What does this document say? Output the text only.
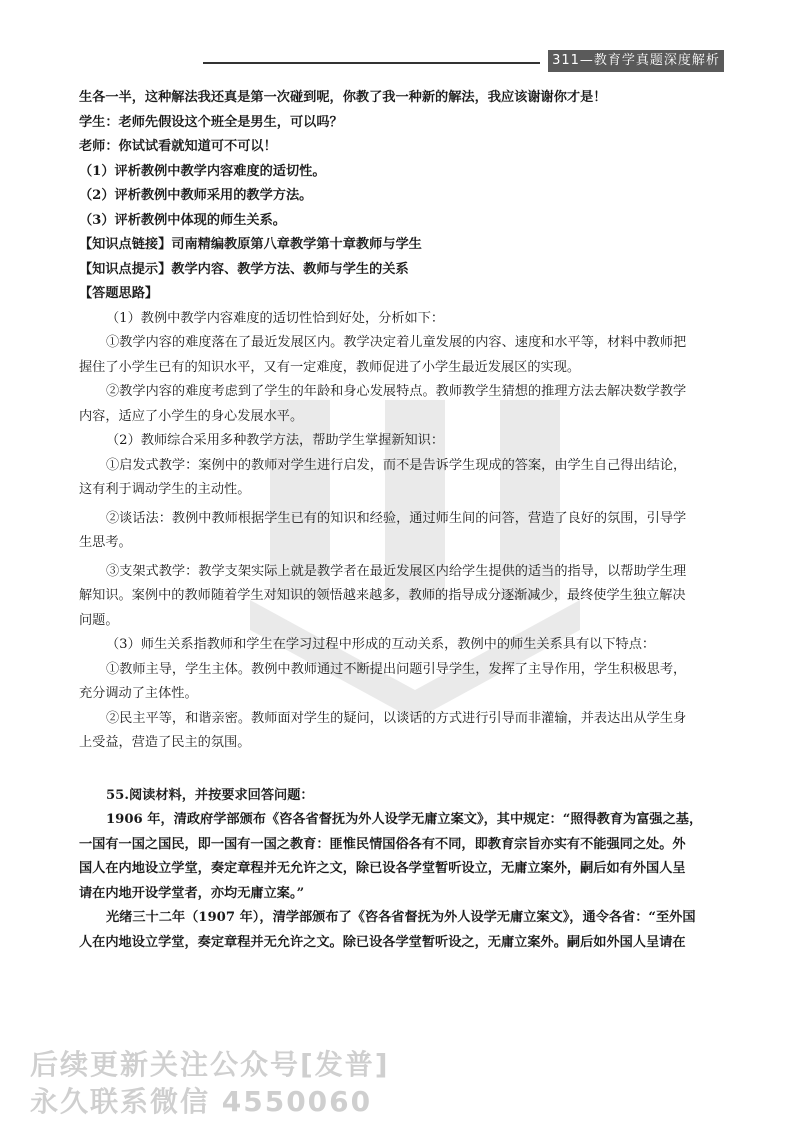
311—教育学真题深度解析
生各一半，这种解法我还真是第一次碰到呢，你教了我一种新的解法，我应该谢谢你才是！
学生：老师先假设这个班全是男生，可以吗？
老师：你试试看就知道可不可以！
（1）评析教例中教学内容难度的适切性。
（2）评析教例中教师采用的教学方法。
（3）评析教例中体现的师生关系。
【知识点链接】司南精编教原第八章教学第十章教师与学生
【知识点提示】教学内容、教学方法、教师与学生的关系
【答题思路】
（1）教例中教学内容难度的适切性恰到好处，分析如下：
①教学内容的难度落在了最近发展区内。教学决定着儿童发展的内容、速度和水平等，材料中教师把
握住了小学生已有的知识水平，又有一定难度，教师促进了小学生最近发展区的实现。
②教学内容的难度考虑到了学生的年龄和身心发展特点。教师教学生猜想的推理方法去解决数学教学
内容，适应了小学生的身心发展水平。
（2）教师综合采用多种教学方法，帮助学生掌握新知识：
①启发式教学：案例中的教师对学生进行启发，而不是告诉学生现成的答案，由学生自己得出结论，
这有利于调动学生的主动性。
②谈话法：教例中教师根据学生已有的知识和经验，通过师生间的问答，营造了良好的氛围，引导学
生思考。
③支架式教学：教学支架实际上就是教学者在最近发展区内给学生提供的适当的指导，以帮助学生理
解知识。案例中的教师随着学生对知识的领悟越来越多，教师的指导成分逐渐减少，最终使学生独立解决
问题。
（3）师生关系指教师和学生在学习过程中形成的互动关系，教例中的师生关系具有以下特点：
①教师主导，学生主体。教例中教师通过不断提出问题引导学生，发挥了主导作用，学生积极思考，
充分调动了主体性。
②民主平等，和谐亲密。教师面对学生的疑问，以谈话的方式进行引导而非灌输，并表达出从学生身
上受益，营造了民主的氛围。
55.阅读材料，并按要求回答问题：
1906 年，清政府学部颁布《咨各省督抚为外人设学无庸立案文》，其中规定：“照得教育为富强之基，
一国有一国之国民，即一国有一国之教育：匪惟民情国俗各有不同，即教育宗旨亦实有不能强同之处。外
国人在内地设立学堂，奏定章程并无允许之文，除已设各学堂暂听设立，无庸立案外，嗣后如有外国人呈
请在内地开设学堂者，亦均无庸立案。”
光绪三十二年（1907 年），清学部颁布了《咨各省督抚为外人设学无庸立案文》，通令各省：“至外国
人在内地设立学堂，奏定章程并无允许之文。除已设各学堂暂听设之，无庸立案外。嗣后如外国人呈请在
后续更新关注公众号[发普]
永久联系微信 4550060
